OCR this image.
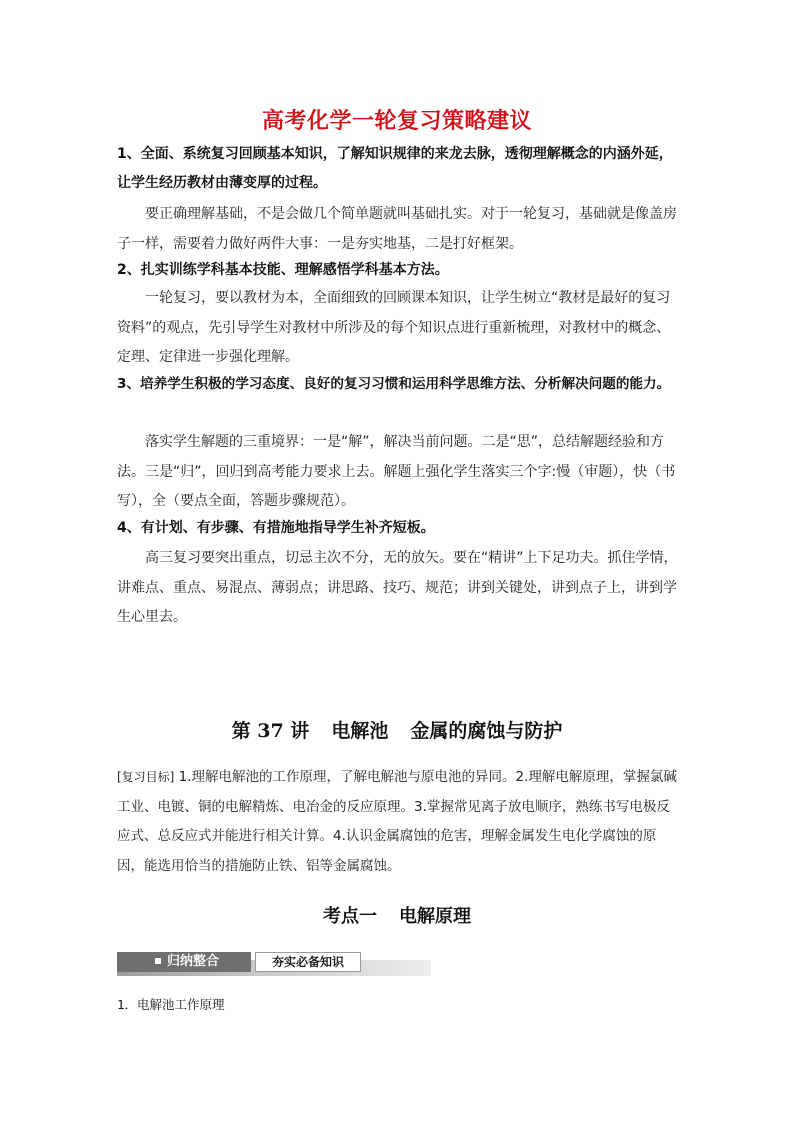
高考化学一轮复习策略建议
1、全面、系统复习回顾基本知识，了解知识规律的来龙去脉，透彻理解概念的内涵外延，让学生经历教材由薄变厚的过程。
要正确理解基础，不是会做几个简单题就叫基础扎实。对于一轮复习，基础就是像盖房子一样，需要着力做好两件大事：一是夯实地基，二是打好框架。
2、扎实训练学科基本技能、理解感悟学科基本方法。
一轮复习，要以教材为本，全面细致的回顾课本知识，让学生树立“教材是最好的复习资料”的观点，先引导学生对教材中所涉及的每个知识点进行重新梳理，对教材中的概念、定理、定律进一步强化理解。
3、培养学生积极的学习态度、良好的复习习惯和运用科学思维方法、分析解决问题的能力。
落实学生解题的三重境界：一是“解”，解决当前问题。二是“思”，总结解题经验和方法。三是“归”，回归到高考能力要求上去。解题上强化学生落实三个字:慢（审题），快（书写），全（要点全面，答题步骤规范）。
4、有计划、有步骤、有措施地指导学生补齐短板。
高三复习要突出重点，切忌主次不分，无的放矢。要在“精讲”上下足功夫。抓住学情，讲难点、重点、易混点、薄弱点；讲思路、技巧、规范；讲到关键处，讲到点子上，讲到学生心里去。
第 37 讲 电解池 金属的腐蚀与防护
[复习目标] 1.理解电解池的工作原理，了解电解池与原电池的异同。2.理解电解原理，掌握氯碱工业、电镀、铜的电解精炼、电冶金的反应原理。3.掌握常见离子放电顺序，熟练书写电极反应式、总反应式并能进行相关计算。4.认识金属腐蚀的危害，理解金属发生电化学腐蚀的原因，能选用恰当的措施防止铁、铝等金属腐蚀。
考点一 电解原理
归纳整合	夯实必备知识
1．电解池工作原理
